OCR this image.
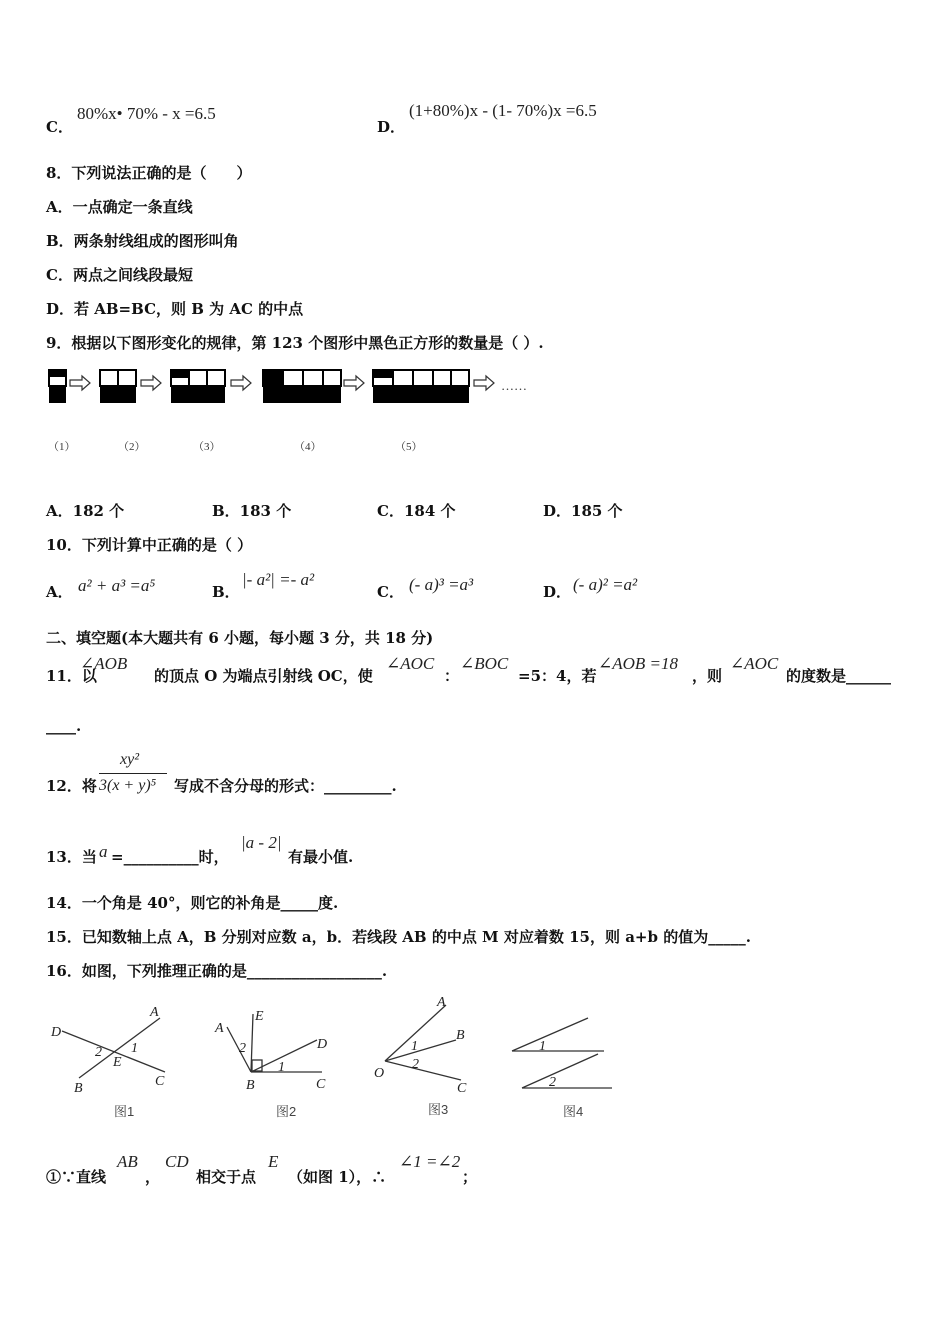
C．
80%x• 70% - x =6.5
D．
(1+80%)x - (1- 70%)x =6.5
8．下列说法正确的是（　　）
A．一点确定一条直线
B．两条射线组成的图形叫角
C．两点之间线段最短
D．若 AB=BC，则 B 为 AC 的中点
9．根据以下图形变化的规律，第 123 个图形中黑色正方形的数量是（ ）.
……
（1）	（2）	（3）	（4）	（5）
A．182 个	B．183 个	C．184 个	D．185 个
10．下列计算中正确的是（ ）
A． a² + a³ =a⁵	B．
|- a²| =- a²
C． (- a)³ =a³	D． (- a)² =a²
二、填空题(本大题共有 6 小题，每小题 3 分，共 18 分)
11．以
∠AOB
的顶点 O 为端点引射线 OC，使
∠AOC
：
∠BOC
=5：4，若
∠AOB =18
，则
∠AOC
的度数是______
____.
12．将
xy²
3(x + y)⁵ 写成不含分母的形式：_________.
13．当 a =__________时，
|a - 2|
有最小值.
14．一个角是 40°，则它的补角是_____度.
15．已知数轴上点 A，B 分别对应数 a，b．若线段 AB 的中点 M 对应着数 15，则 a+b 的值为_____.
16．如图，下列推理正确的是__________________.
D
A
2 1
E
B	C
E
A
2	D
1
B	C
A
B
1
2
O
C
1
2
图1	图2	图3	图4
①∵直线
AB
，
CD
相交于点
E
（如图 1），∴
∠1 =∠2
；
